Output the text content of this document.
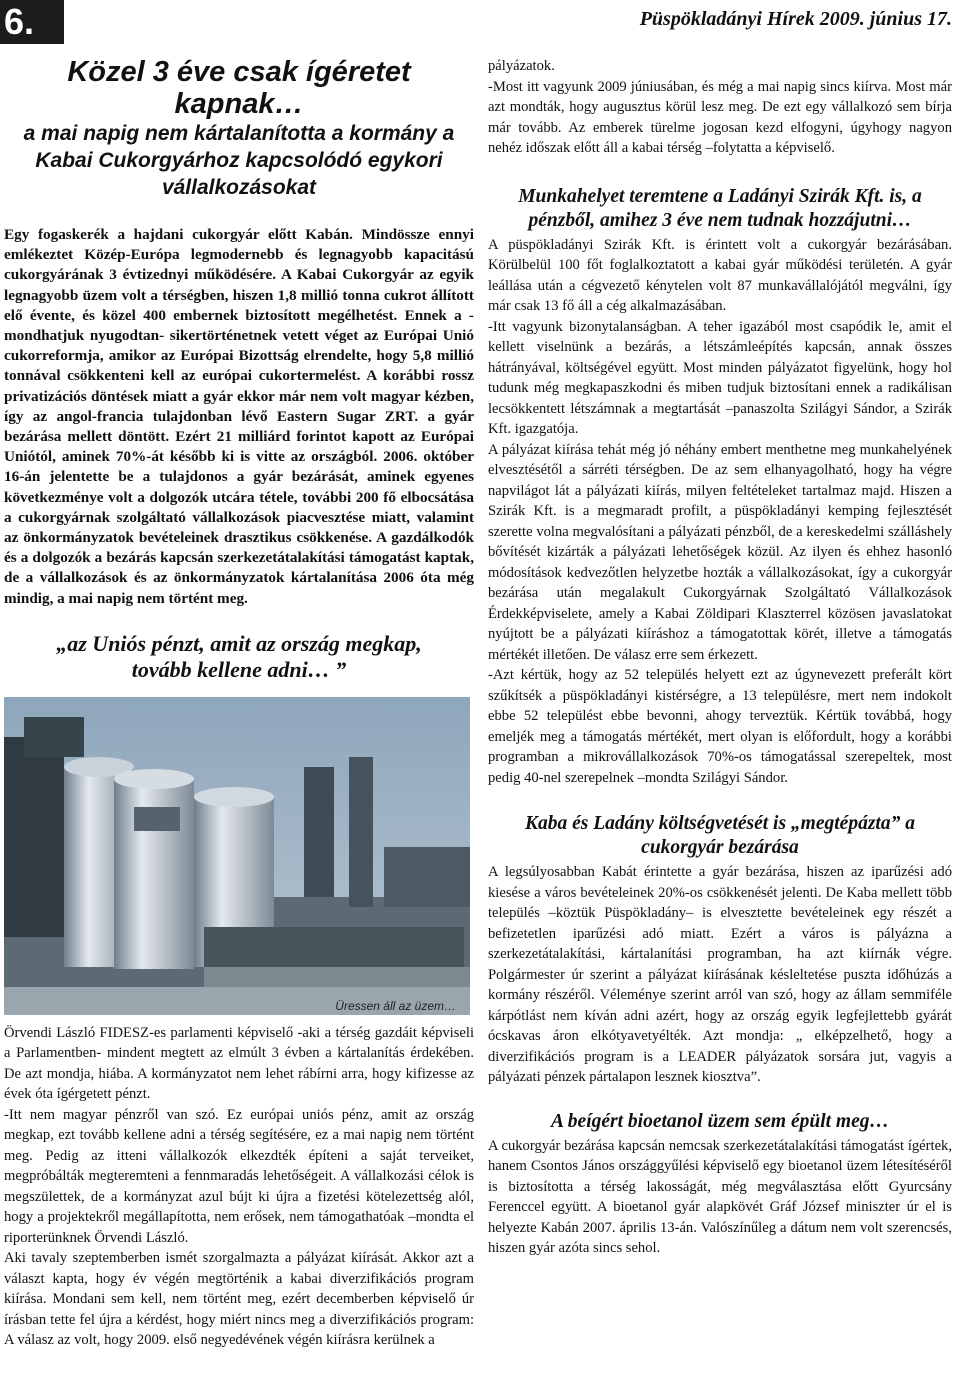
6.	Püspökladányi Hírek 2009. június 17.
Közel 3 éve csak ígéretet kapnak…
a mai napig nem kártalanította a kormány a Kabai Cukorgyárhoz kapcsolódó egykori vállalkozásokat

Egy fogaskerék a hajdani cukorgyár előtt Kabán. Mindössze ennyi emlékeztet Közép-Európa legmodernebb és legnagyobb kapacitású cukorgyárának 3 évtizednyi működésére. A Kabai Cukorgyár az egyik legnagyobb üzem volt a térségben, hiszen 1,8 millió tonna cukrot állított elő évente, és közel 400 embernek biztosított megélhetést. Ennek a -mondhatjuk nyugodtan- sikertörténetnek vetett véget az Európai Unió cukorreformja, amikor az Európai Bizottság elrendelte, hogy 5,8 millió tonnával csökkenteni kell az európai cukortermelést. A korábbi rossz privatizációs döntések miatt a gyár ekkor már nem volt magyar kézben, így az angol-francia tulajdonban lévő Eastern Sugar ZRT. a gyár bezárása mellett döntött. Ezért 21 milliárd forintot kapott az Európai Uniótól, aminek 70%-át később ki is vitte az országból. 2006. október 16-án jelentette be a tulajdonos a gyár bezárását, aminek egyenes következménye volt a dolgozók utcára tétele, további 200 fő elbocsátása a cukorgyárnak szolgáltató vállalkozások piacvesztése miatt, valamint az önkormányzatok bevételeinek drasztikus csökkenése. A gazdálkodók és a dolgozók a bezárás kapcsán szerkezetátalakítási támogatást kaptak, de a vállalkozások és az önkormányzatok kártalanítása 2006 óta még mindig, a mai napig nem történt meg.

„az Uniós pénzt, amit az ország megkap, tovább kellene adni… ”

Üressen áll az üzem…

Örvendi László FIDESZ-es parlamenti képviselő -aki a térség gazdáit képviseli a Parlamentben- mindent megtett az elmúlt 3 évben a kártalanítás érdekében. De azt mondja, hiába. A kormányzatot nem lehet rábírni arra, hogy kifizesse az évek óta ígérgetett pénzt.
-Itt nem magyar pénzről van szó. Ez európai uniós pénz, amit az ország megkap, ezt tovább kellene adni a térség segítésére, ez a mai napig nem történt meg. Pedig az itteni vállalkozók elkezdték építeni a saját terveiket, megpróbálták megteremteni a fennmaradás lehetőségeit. A vállalkozási célok is megszülettek, de a kormányzat azul bújt ki újra a fizetési kötelezettség alól, hogy a projektekről megállapította, nem erősek, nem támogathatóak –mondta el riporterünknek Örvendi László.
Aki tavaly szeptemberben ismét szorgalmazta a pályázat kiírását. Akkor azt a választ kapta, hogy év végén megtörténik a kabai diverzifikációs program kiírása. Mondani sem kell, nem történt meg, ezért decemberben képviselő úr írásban tette fel újra a kérdést, hogy miért nincs meg a diverzifikációs program: A válasz az volt, hogy 2009. első negyedévének végén kiírásra kerülnek a

pályázatok.
-Most itt vagyunk 2009 júniusában, és még a mai napig sincs kiírva. Most már azt mondták, hogy augusztus körül lesz meg. De ezt egy vállalkozó sem bírja már tovább. Az emberek türelme jogosan kezd elfogyni, úgyhogy nagyon nehéz időszak előtt áll a kabai térség –folytatta a képviselő.

Munkahelyet teremtene a Ladányi Szirák Kft. is, a pénzből, amihez 3 éve nem tudnak hozzájutni…

A püspökladányi Szirák Kft. is érintett volt a cukorgyár bezárásában. Körülbelül 100 főt foglalkoztatott a kabai gyár működési területén. A gyár leállása után a cégvezető kénytelen volt 87 munkavállalójától megválni, így már csak 13 fő áll a cég alkalmazásában.
-Itt vagyunk bizonytalanságban. A teher igazából most csapódik le, amit el kellett viselnünk a bezárás, a létszámleépítés kapcsán, annak összes hátrányával, költségével együtt. Most minden pályázatot figyelünk, hogy hol tudunk még megkapaszkodni és miben tudjuk biztosítani ennek a radikálisan lecsökkentett létszámnak a megtartását –panaszolta Szilágyi Sándor, a Szirák Kft. igazgatója.
A pályázat kiírása tehát még jó néhány embert menthetne meg munkahelyének elvesztésétől a sárréti térségben. De az sem elhanyagolható, hogy ha végre napvilágot lát a pályázati kiírás, milyen feltételeket tartalmaz majd. Hiszen a Szirák Kft. is a megmaradt profilt, a püspökladányi kemping fejlesztését szerette volna megvalósítani a pályázati pénzből, de a kereskedelmi szálláshely bővítését kizárták a pályázati lehetőségek közül. Az ilyen és ehhez hasonló módosítások kedvezőtlen helyzetbe hozták a vállalkozásokat, így a cukorgyár bezárása után megalakult Cukorgyárnak Szolgáltató Vállalkozások Érdekképviselete, amely a Kabai Zöldipari Klaszterrel közösen javaslatokat nyújtott be a pályázati kiíráshoz a támogatottak körét, illetve a támogatás mértékét illetően. De válasz erre sem érkezett.
-Azt kértük, hogy az 52 település helyett ezt az úgynevezett preferált kört szűkítsék a püspökladányi kistérségre, a 13 településre, mert nem indokolt ebbe 52 települést ebbe bevonni, ahogy terveztük. Kértük továbbá, hogy emeljék meg a támogatás mértékét, mert olyan is előfordult, hogy a korábbi programban a mikrovállalkozások 70%-os támogatással szerepeltek, most pedig 40-nel szerepelnek –mondta Szilágyi Sándor.

Kaba és Ladány költségvetését is „megtépázta” a cukorgyár bezárása

A legsúlyosabban Kabát érintette a gyár bezárása, hiszen az iparűzési adó kiesése a város bevételeinek 20%-os csökkenését jelenti. De Kaba mellett több település –köztük Püspökladány– is elvesztette bevételeinek egy részét a befizetetlen iparűzési adó miatt. Ezért a város is pályázna a szerkezetátalakítási, kártalanítási programban, ha azt kiírnák végre. Polgármester úr szerint a pályázat kiírásának késleltetése puszta időhúzás a kormány részéről. Véleménye szerint arról van szó, hogy az állam semmiféle kárpótlást nem kíván adni azért, hogy az ország egyik legfejlettebb gyárát ócskavas áron elkótyavetyélték. Azt mondja: „ elképzelhető, hogy a diverzifikációs program is a LEADER pályázatok sorsára jut, vagyis a pályázati pénzek pártalapon lesznek kiosztva”.

A beígért bioetanol üzem sem épült meg…

A cukorgyár bezárása kapcsán nemcsak szerkezetátalakítási támogatást ígértek, hanem Csontos János országgyűlési képviselő egy bioetanol üzem létesítéséről is biztosította a térség lakosságát, még megválasztása előtt Gyurcsány Ferenccel együtt. A bioetanol gyár alapkövét Gráf József miniszter úr el is helyezte Kabán 2007. április 13-án. Valószínűleg a dátum nem volt szerencsés, hiszen gyár azóta sincs sehol.
